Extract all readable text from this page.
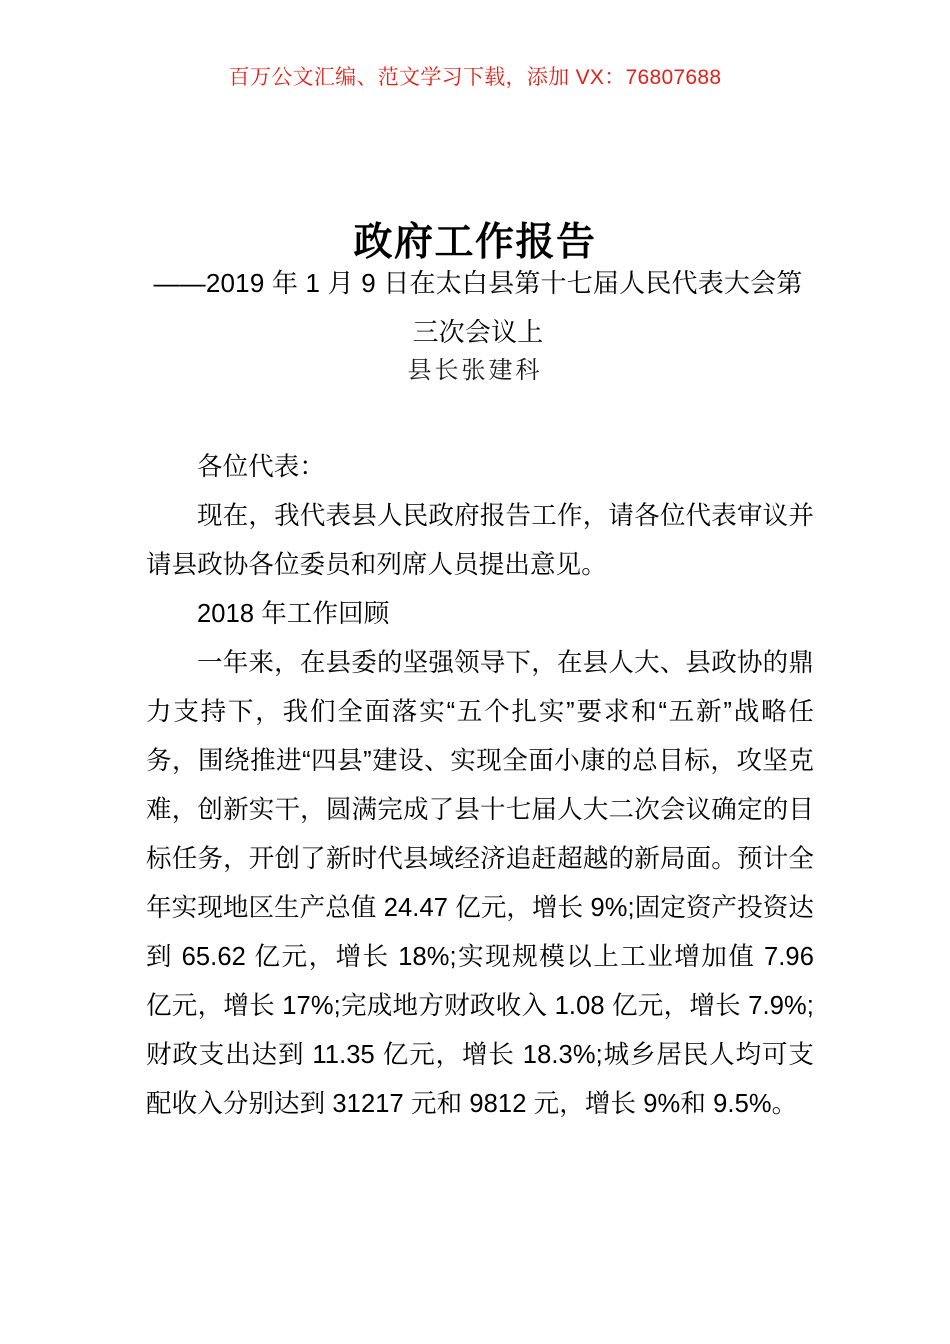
百万公文汇编、范文学习下载，添加 VX：76807688
政府工作报告
——2019 年 1 月 9 日在太白县第十七届人民代表大会第三次会议上
县长张建科

各位代表：

现在，我代表县人民政府报告工作，请各位代表审议并请县政协各位委员和列席人员提出意见。

2018 年工作回顾

一年来，在县委的坚强领导下，在县人大、县政协的鼎力支持下，我们全面落实“五个扎实”要求和“五新”战略任务，围绕推进“四县”建设、实现全面小康的总目标，攻坚克难，创新实干，圆满完成了县十七届人大二次会议确定的目标任务，开创了新时代县域经济追赶超越的新局面。预计全年实现地区生产总值 24.47 亿元，增长 9%;固定资产投资达到 65.62 亿元，增长 18%;实现规模以上工业增加值 7.96 亿元，增长 17%;完成地方财政收入 1.08 亿元，增长 7.9%;财政支出达到 11.35 亿元，增长 18.3%;城乡居民人均可支配收入分别达到 31217 元和 9812 元，增长 9%和 9.5%。
